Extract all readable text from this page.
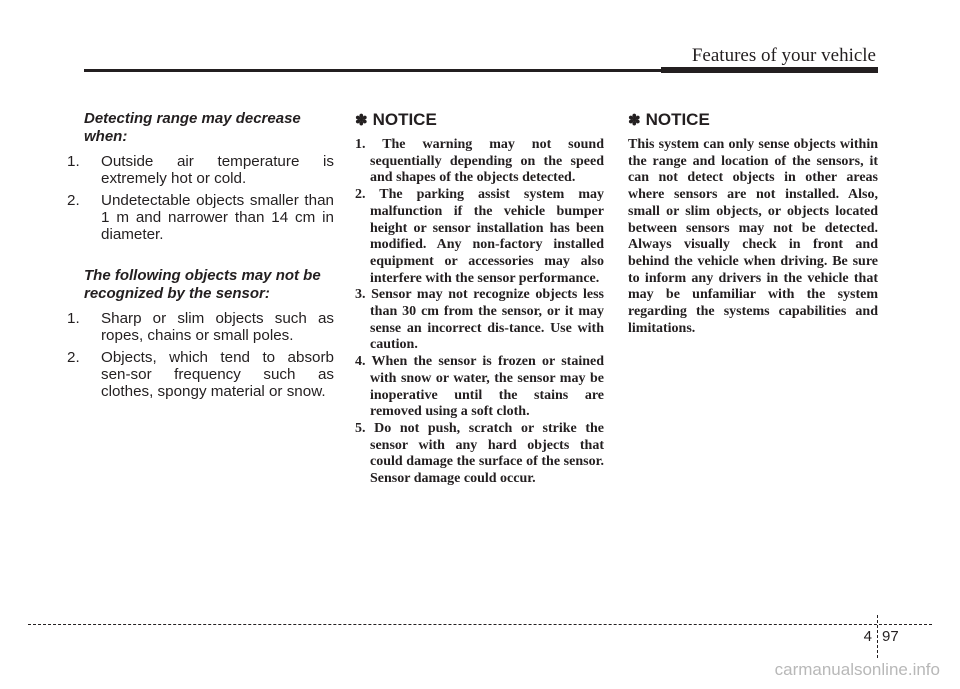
Features of your vehicle

Detecting range may decrease when:

1. Outside air temperature is extremely hot or cold.
2. Undetectable objects smaller than 1 m and narrower than 14 cm in diameter.

The following objects may not be recognized by the sensor:

1. Sharp or slim objects such as ropes, chains or small poles.
2. Objects, which tend to absorb sen-sor frequency such as clothes, spongy material or snow.
✽ NOTICE
1. The warning may not sound sequentially depending on the speed and shapes of the objects detected.
2. The parking assist system may malfunction if the vehicle bumper height or sensor installation has been modified. Any non-factory installed equipment or accessories may also interfere with the sensor performance.
3. Sensor may not recognize objects less than 30 cm from the sensor, or it may sense an incorrect dis-tance. Use with caution.
4. When the sensor is frozen or stained with snow or water, the sensor may be inoperative until the stains are removed using a soft cloth.
5. Do not push, scratch or strike the sensor with any hard objects that could damage the surface of the sensor. Sensor damage could occur.
✽ NOTICE

This system can only sense objects within the range and location of the sensors, it can not detect objects in other areas where sensors are not installed. Also, small or slim objects, or objects located between sensors may not be detected. Always visually check in front and behind the vehicle when driving. Be sure to inform any drivers in the vehicle that may be unfamiliar with the system regarding the systems capabilities and limitations.

4 97
carmanualsonline.info
